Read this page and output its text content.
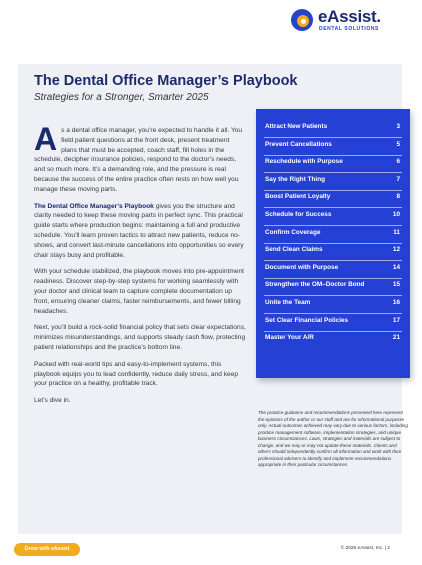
eAssist.
DENTAL SOLUTIONS
The Dental Office Manager’s Playbook
Strategies for a Stronger, Smarter 2025

As a dental office manager, you’re expected to handle it all. You field patient questions at the front desk, present treatment plans that must be accepted, coach staff, fill holes in the schedule, decipher insurance policies, respond to the doctor’s needs, and so much more. It’s a demanding role, and the pressure is real because the success of the entire practice often rests on how well you manage these moving parts.

The Dental Office Manager’s Playbook gives you the structure and clarity needed to keep these moving parts in perfect sync. This practical guide starts where production begins: maintaining a full and productive schedule. You’ll learn proven tactics to attract new patients, reduce no-shows, and convert last-minute cancellations into opportunities so every chair stays busy and profitable.

With your schedule stabilized, the playbook moves into pre-appointment readiness. Discover step-by-step systems for working seamlessly with your doctor and clinical team to capture complete documentation up front, ensuring cleaner claims, faster reimbursements, and fewer billing headaches.

Next, you’ll build a rock-solid financial policy that sets clear expectations, minimizes misunderstandings, and supports steady cash flow, protecting patient relationships and the practice’s bottom line.

Packed with real-world tips and easy-to-implement systems, this playbook equips you to lead confidently, reduce daily stress, and keep your practice on a healthy, profitable track.

Let’s dive in.

Attract New Patients	3
Prevent Cancellations	5
Reschedule with Purpose	6
Say the Right Thing	7
Boost Patient Loyalty	8
Schedule for Success	10
Confirm Coverage	11
Send Clean Claims	12
Document with Purpose	14
Strengthen the OM–Doctor Bond	15
Unite the Team	16
Set Clear Financial Policies	17
Master Your A/R	21
The practice guidance and recommendations presented here represent the opinions of the author or our staff and are for informational purposes only. Actual outcomes achieved may vary due to various factors, including practice management software, implementation strategies, and unique business circumstances. Laws, strategies and materials are subject to change, and we may or may not update these materials. Clients and others should independently confirm all information and work with their professional advisers to identify and implement recommendations appropriate in their particular circumstances.
Grow with eAssist	© 2025 eAssist, Inc. | 2
